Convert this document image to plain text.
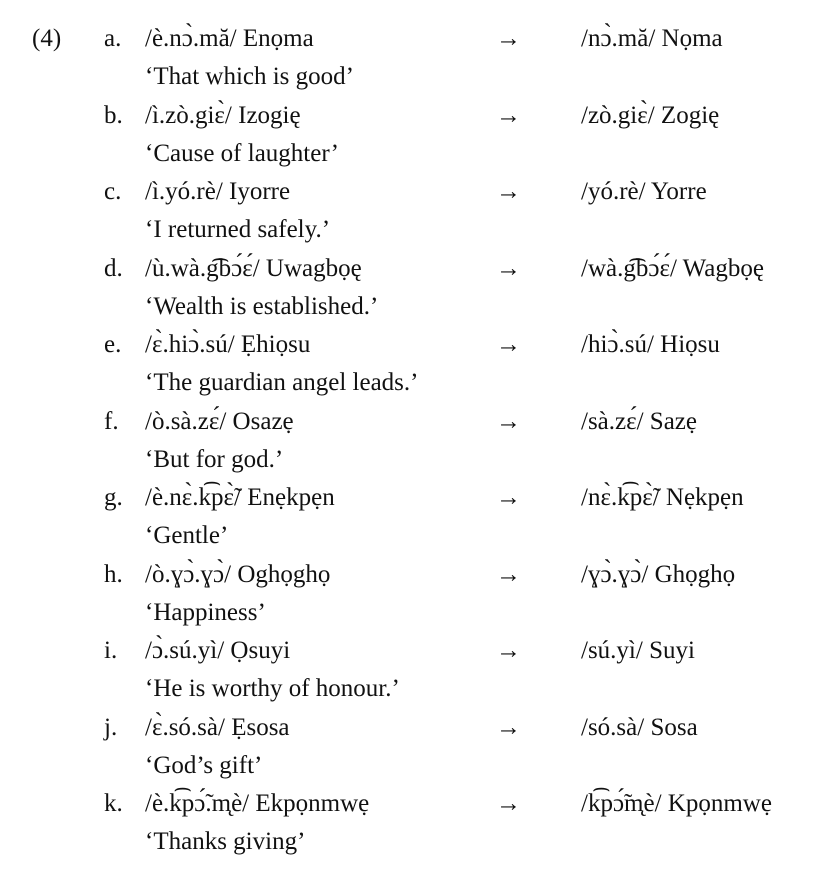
(4) a. /è.nɔ̀.mă/ Enọma	→ /nɔ̀.mă/ Nọma
‘That which is good’
b. /ì.zò.giɛ̀/ Izogię	→ /zò.giɛ̀/ Zogię
‘Cause of laughter’
c. /ì.yó.rè/ Iyorre	→ /yó.rè/ Yorre
‘I returned safely.’
d. /ù.wà.g͡bɔ́ɛ́/ Uwagbọę	→ /wà.g͡bɔ́ɛ́/ Wagbọę
‘Wealth is established.’
e. /ɛ̀.hiɔ̀.sú/ Ẹhiọsu	→ /hiɔ̀.sú/ Hiọsu
‘The guardian angel leads.’
f. /ò.sà.zɛ́/ Osazẹ	→ /sà.zɛ́/ Sazẹ
‘But for god.’
g. /è.nɛ̀.k͡pɛ̃̀/ Enẹkpẹn	→ /nɛ̀.k͡pɛ̃̀/ Nẹkpẹn
‘Gentle’
h. /ò.ɣɔ̀.ɣɔ̀/ Oghọghọ	→ /ɣɔ̀.ɣɔ̀/ Ghọghọ
‘Happiness’
i. /ɔ̀.sú.yì/ Ọsuyi	→ /sú.yì/ Suyi
‘He is worthy of honour.’
j. /ɛ̀.só.sà/ Ẹsosa	→ /só.sà/ Sosa
‘God’s gift’
k. /è.k͡pɔ̃́.m̨è/ Ekpọnmwẹ	→ /k͡pɔ̃́m̨è/ Kpọnmwẹ
‘Thanks giving’
